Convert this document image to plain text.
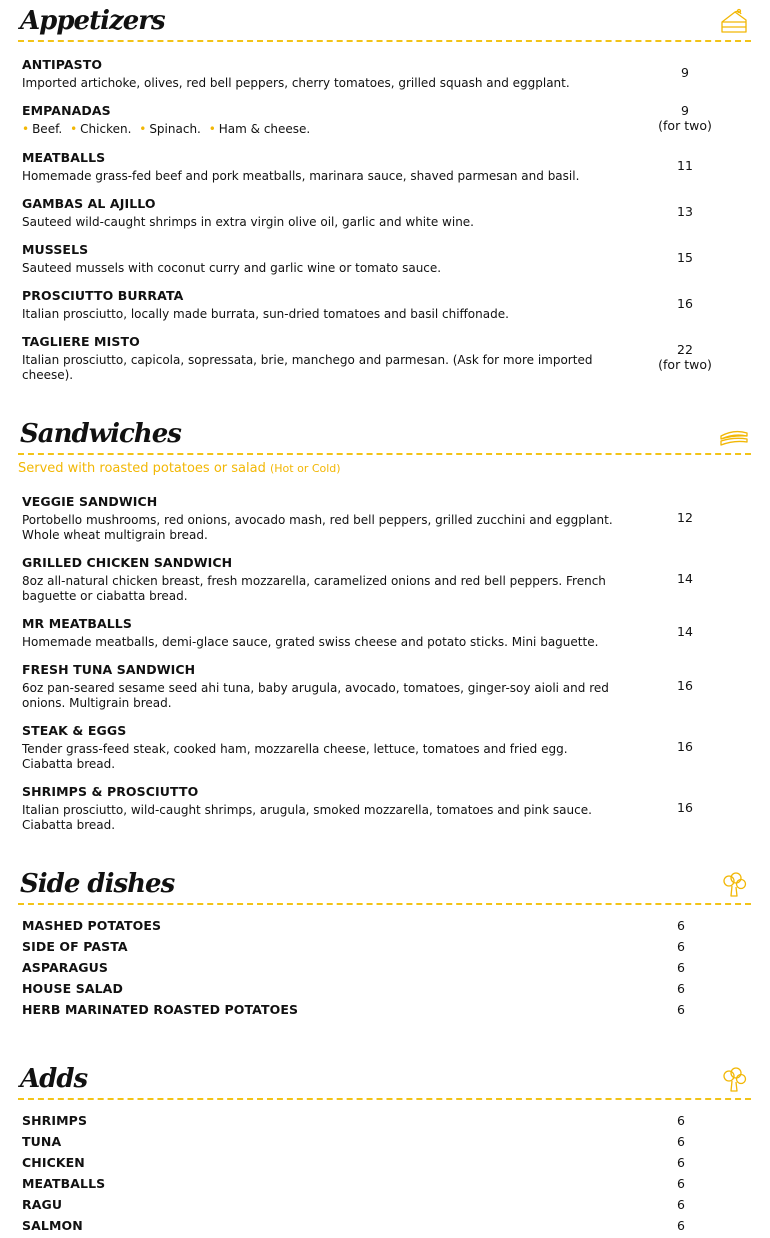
Appetizers
ANTIPASTO
Imported artichoke, olives, red bell peppers, cherry tomatoes, grilled squash and eggplant.
9
EMPANADAS
• Beef. • Chicken. • Spinach. • Ham & cheese.
9
(for two)
MEATBALLS
Homemade grass-fed beef and pork meatballs, marinara sauce, shaved parmesan and basil.
11
GAMBAS AL AJILLO
Sauteed wild-caught shrimps in extra virgin olive oil, garlic and white wine.
13
MUSSELS
Sauteed mussels with coconut curry and garlic wine or tomato sauce.
15
PROSCIUTTO BURRATA
Italian prosciutto, locally made burrata, sun-dried tomatoes and basil chiffonade.
16
TAGLIERE MISTO
Italian prosciutto, capicola, sopressata, brie, manchego and parmesan. (Ask for more imported cheese).
22
(for two)
Sandwiches
Served with roasted potatoes or salad (Hot or Cold)
VEGGIE SANDWICH
Portobello mushrooms, red onions, avocado mash, red bell peppers, grilled zucchini and eggplant. Whole wheat multigrain bread.
12
GRILLED CHICKEN SANDWICH
8oz all-natural chicken breast, fresh mozzarella, caramelized onions and red bell peppers. French baguette or ciabatta bread.
14
MR MEATBALLS
Homemade meatballs, demi-glace sauce, grated swiss cheese and potato sticks. Mini baguette.
14
FRESH TUNA SANDWICH
6oz pan-seared sesame seed ahi tuna, baby arugula, avocado, tomatoes, ginger-soy aioli and red onions. Multigrain bread.
16
STEAK & EGGS
Tender grass-feed steak, cooked ham, mozzarella cheese, lettuce, tomatoes and fried egg. Ciabatta bread.
16
SHRIMPS & PROSCIUTTO
Italian prosciutto, wild-caught shrimps, arugula, smoked mozzarella, tomatoes and pink sauce. Ciabatta bread.
16
Side dishes
MASHED POTATOES	6
SIDE OF PASTA	6
ASPARAGUS	6
HOUSE SALAD	6
HERB MARINATED ROASTED POTATOES	6
Adds
SHRIMPS	6
TUNA	6
CHICKEN	6
MEATBALLS	6
RAGU	6
SALMON	6
